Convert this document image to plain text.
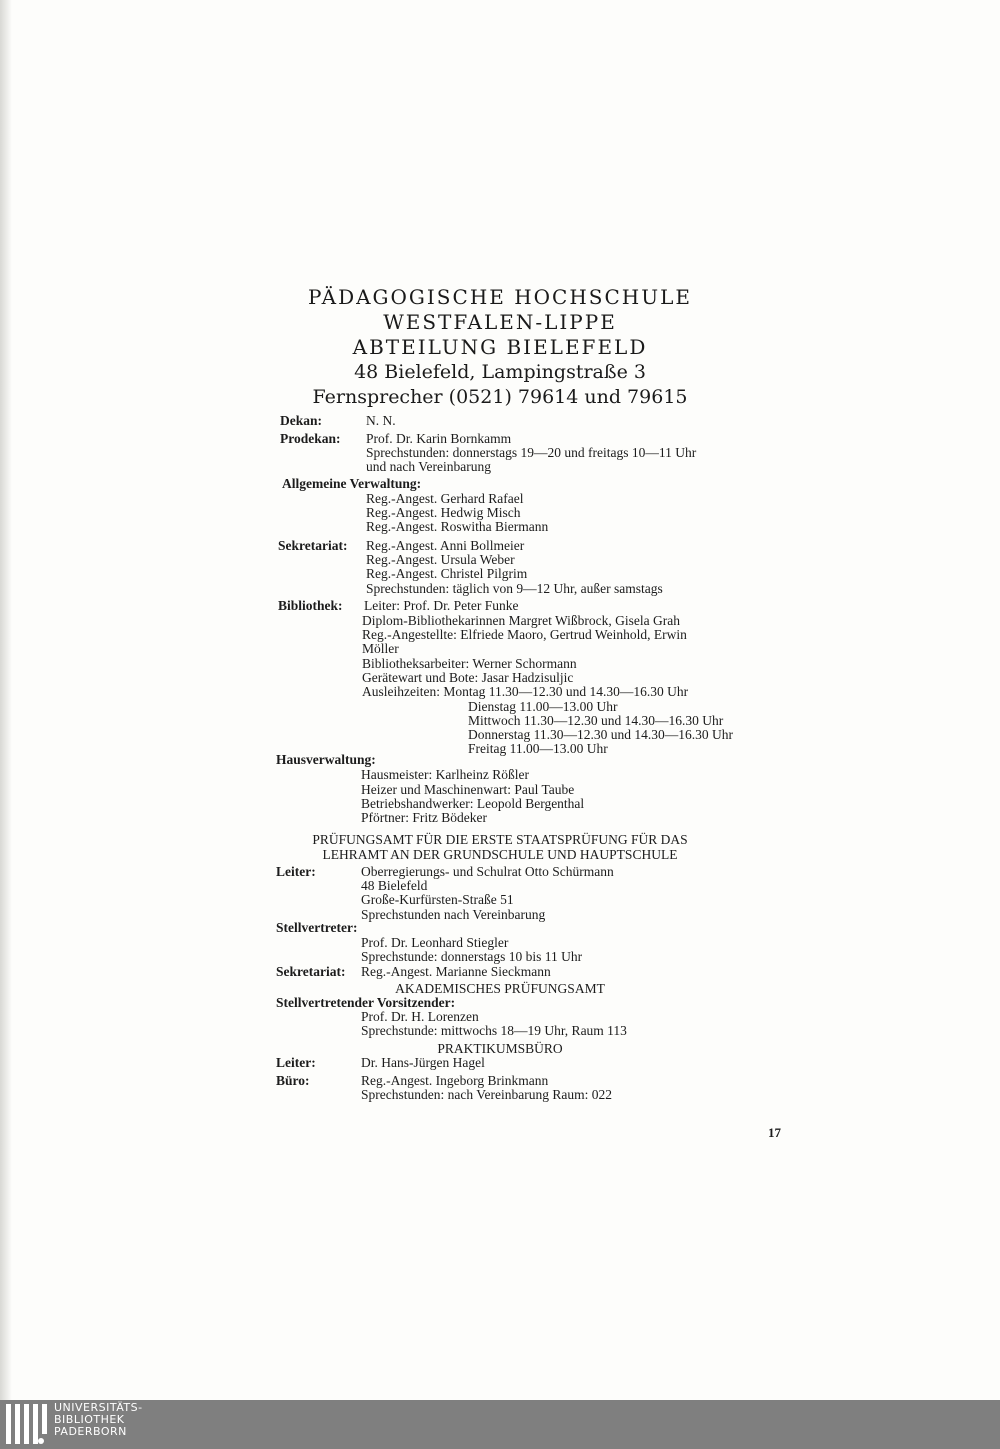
PÄDAGOGISCHE HOCHSCHULE
WESTFALEN-LIPPE
ABTEILUNG BIELEFELD
48 Bielefeld, Lampingstraße 3
Fernsprecher (0521) 79614 und 79615
Dekan:	N. N.
Prodekan: Prof. Dr. Karin Bornkamm
Sprechstunden: donnerstags 19—20 und freitags 10—11 Uhr
und nach Vereinbarung
Allgemeine Verwaltung:
Reg.-Angest. Gerhard Rafael
Reg.-Angest. Hedwig Misch
Reg.-Angest. Roswitha Biermann
Sekretariat: Reg.-Angest. Anni Bollmeier
Reg.-Angest. Ursula Weber
Reg.-Angest. Christel Pilgrim
Sprechstunden: täglich von 9—12 Uhr, außer samstags
Bibliothek: Leiter: Prof. Dr. Peter Funke
Diplom-Bibliothekarinnen Margret Wißbrock, Gisela Grah
Reg.-Angestellte: Elfriede Maoro, Gertrud Weinhold, Erwin
Möller
Bibliotheksarbeiter: Werner Schormann
Gerätewart und Bote: Jasar Hadzisuljic
Ausleihzeiten: Montag 11.30—12.30 und 14.30—16.30 Uhr
Dienstag 11.00—13.00 Uhr
Mittwoch 11.30—12.30 und 14.30—16.30 Uhr
Donnerstag 11.30—12.30 und 14.30—16.30 Uhr
Freitag 11.00—13.00 Uhr
Hausverwaltung:
Hausmeister: Karlheinz Rößler
Heizer und Maschinenwart: Paul Taube
Betriebshandwerker: Leopold Bergenthal
Pförtner: Fritz Bödeker
PRÜFUNGSAMT FÜR DIE ERSTE STAATSPRÜFUNG FÜR DAS
LEHRAMT AN DER GRUNDSCHULE UND HAUPTSCHULE
Leiter:	Oberregierungs- und Schulrat Otto Schürmann
48 Bielefeld
Große-Kurfürsten-Straße 51
Sprechstunden nach Vereinbarung
Stellvertreter:
Prof. Dr. Leonhard Stiegler
Sprechstunde: donnerstags 10 bis 11 Uhr
Sekretariat: Reg.-Angest. Marianne Sieckmann
AKADEMISCHES PRÜFUNGSAMT
Stellvertretender Vorsitzender:
Prof. Dr. H. Lorenzen
Sprechstunde: mittwochs 18—19 Uhr, Raum 113
PRAKTIKUMSBÜRO
Leiter:	Dr. Hans-Jürgen Hagel
Büro:	Reg.-Angest. Ingeborg Brinkmann
Sprechstunden: nach Vereinbarung Raum: 022
17
UNIVERSITÄTS-
BIBLIOTHEK
PADERBORN
